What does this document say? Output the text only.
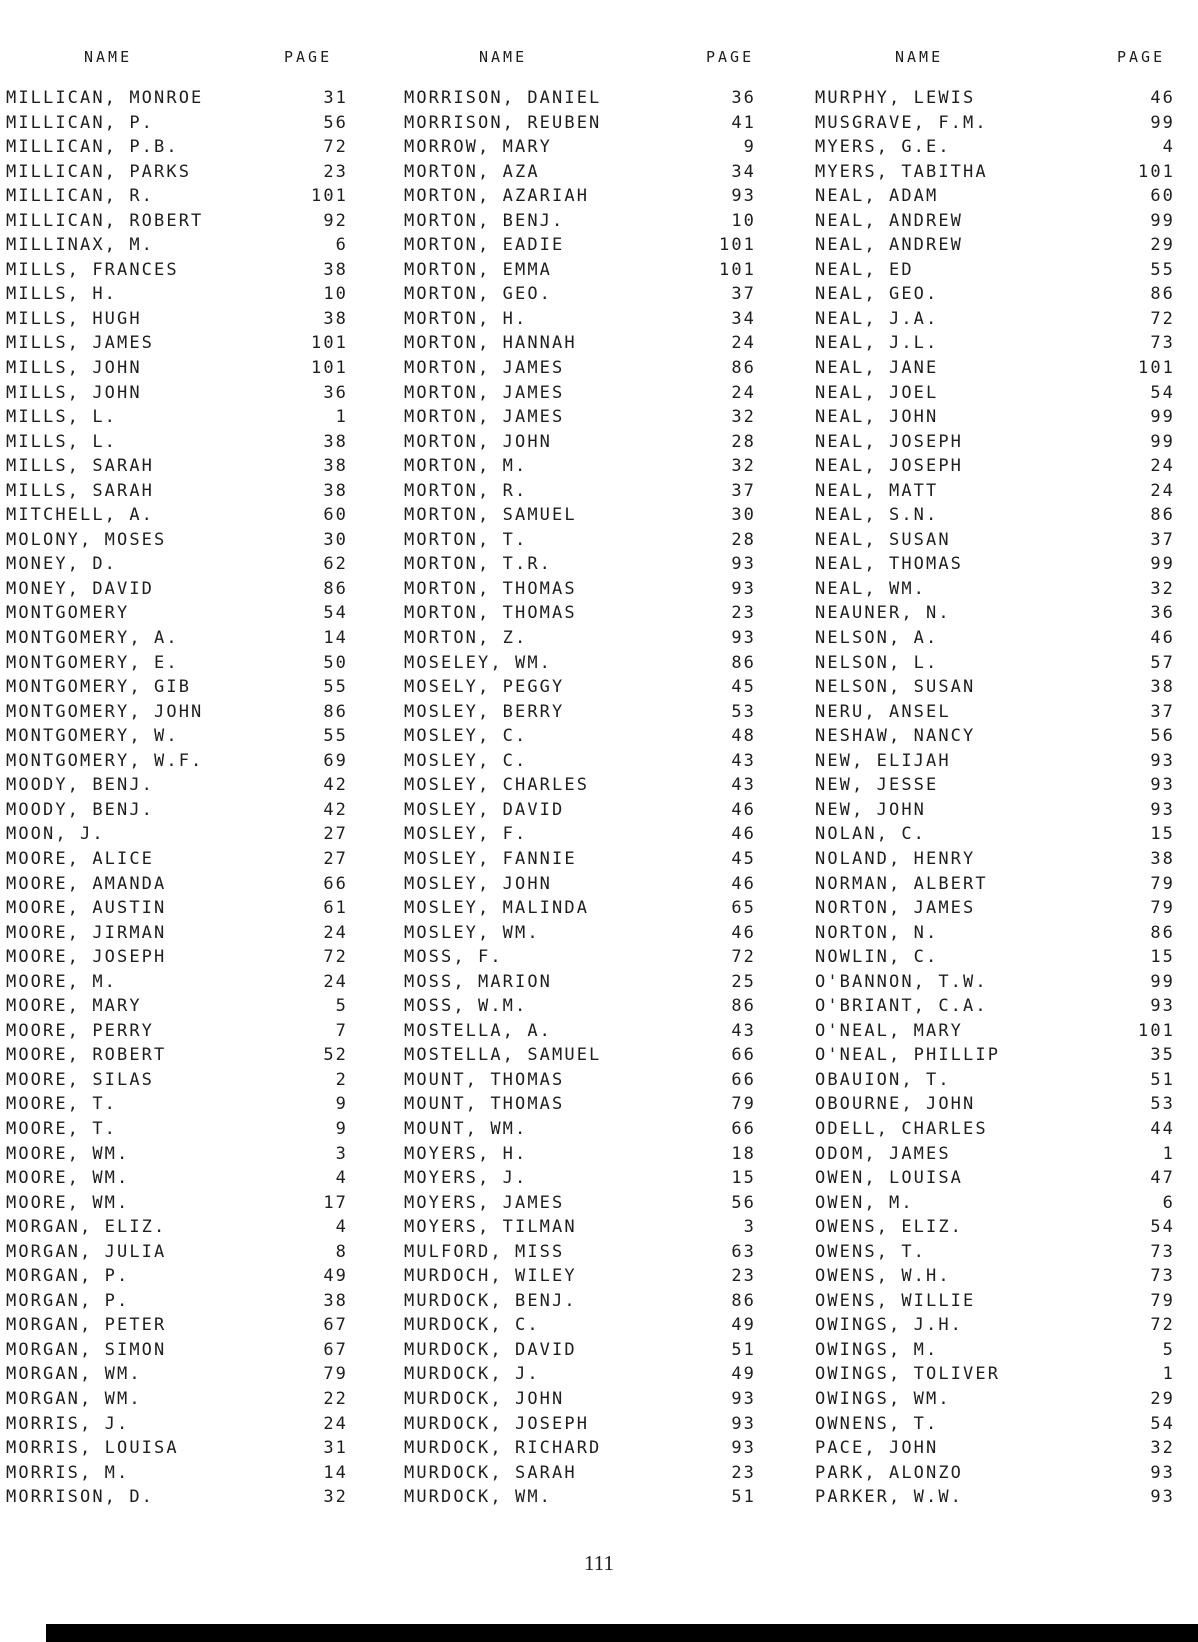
NAME	PAGE
MILLICAN, MONROE	31
MILLICAN, P.	56
MILLICAN, P.B.	72
MILLICAN, PARKS	23
MILLICAN, R.	101
MILLICAN, ROBERT	92
MILLINAX, M.	6
MILLS, FRANCES	38
MILLS, H.	10
MILLS, HUGH	38
MILLS, JAMES	101
MILLS, JOHN	101
MILLS, JOHN	36
MILLS, L.	1
MILLS, L.	38
MILLS, SARAH	38
MILLS, SARAH	38
MITCHELL, A.	60
MOLONY, MOSES	30
MONEY, D.	62
MONEY, DAVID	86
MONTGOMERY	54
MONTGOMERY, A.	14
MONTGOMERY, E.	50
MONTGOMERY, GIB	55
MONTGOMERY, JOHN	86
MONTGOMERY, W.	55
MONTGOMERY, W.F.	69
MOODY, BENJ.	42
MOODY, BENJ.	42
MOON, J.	27
MOORE, ALICE	27
MOORE, AMANDA	66
MOORE, AUSTIN	61
MOORE, JIRMAN	24
MOORE, JOSEPH	72
MOORE, M.	24
MOORE, MARY	5
MOORE, PERRY	7
MOORE, ROBERT	52
MOORE, SILAS	2
MOORE, T.	9
MOORE, T.	9
MOORE, WM.	3
MOORE, WM.	4
MOORE, WM.	17
MORGAN, ELIZ.	4
MORGAN, JULIA	8
MORGAN, P.	49
MORGAN, P.	38
MORGAN, PETER	67
MORGAN, SIMON	67
MORGAN, WM.	79
MORGAN, WM.	22
MORRIS, J.	24
MORRIS, LOUISA	31
MORRIS, M.	14
MORRISON, D.	32
NAME	PAGE
MORRISON, DANIEL	36
MORRISON, REUBEN	41
MORROW, MARY	9
MORTON, AZA	34
MORTON, AZARIAH	93
MORTON, BENJ.	10
MORTON, EADIE	101
MORTON, EMMA	101
MORTON, GEO.	37
MORTON, H.	34
MORTON, HANNAH	24
MORTON, JAMES	86
MORTON, JAMES	24
MORTON, JAMES	32
MORTON, JOHN	28
MORTON, M.	32
MORTON, R.	37
MORTON, SAMUEL	30
MORTON, T.	28
MORTON, T.R.	93
MORTON, THOMAS	93
MORTON, THOMAS	23
MORTON, Z.	93
MOSELEY, WM.	86
MOSELY, PEGGY	45
MOSLEY, BERRY	53
MOSLEY, C.	48
MOSLEY, C.	43
MOSLEY, CHARLES	43
MOSLEY, DAVID	46
MOSLEY, F.	46
MOSLEY, FANNIE	45
MOSLEY, JOHN	46
MOSLEY, MALINDA	65
MOSLEY, WM.	46
MOSS, F.	72
MOSS, MARION	25
MOSS, W.M.	86
MOSTELLA, A.	43
MOSTELLA, SAMUEL	66
MOUNT, THOMAS	66
MOUNT, THOMAS	79
MOUNT, WM.	66
MOYERS, H.	18
MOYERS, J.	15
MOYERS, JAMES	56
MOYERS, TILMAN	3
MULFORD, MISS	63
MURDOCH, WILEY	23
MURDOCK, BENJ.	86
MURDOCK, C.	49
MURDOCK, DAVID	51
MURDOCK, J.	49
MURDOCK, JOHN	93
MURDOCK, JOSEPH	93
MURDOCK, RICHARD	93
MURDOCK, SARAH	23
MURDOCK, WM.	51
NAME	PAGE
MURPHY, LEWIS	46
MUSGRAVE, F.M.	99
MYERS, G.E.	4
MYERS, TABITHA	101
NEAL, ADAM	60
NEAL, ANDREW	99
NEAL, ANDREW	29
NEAL, ED	55
NEAL, GEO.	86
NEAL, J.A.	72
NEAL, J.L.	73
NEAL, JANE	101
NEAL, JOEL	54
NEAL, JOHN	99
NEAL, JOSEPH	99
NEAL, JOSEPH	24
NEAL, MATT	24
NEAL, S.N.	86
NEAL, SUSAN	37
NEAL, THOMAS	99
NEAL, WM.	32
NEAUNER, N.	36
NELSON, A.	46
NELSON, L.	57
NELSON, SUSAN	38
NERU, ANSEL	37
NESHAW, NANCY	56
NEW, ELIJAH	93
NEW, JESSE	93
NEW, JOHN	93
NOLAN, C.	15
NOLAND, HENRY	38
NORMAN, ALBERT	79
NORTON, JAMES	79
NORTON, N.	86
NOWLIN, C.	15
O'BANNON, T.W.	99
O'BRIANT, C.A.	93
O'NEAL, MARY	101
O'NEAL, PHILLIP	35
OBAUION, T.	51
OBOURNE, JOHN	53
ODELL, CHARLES	44
ODOM, JAMES	1
OWEN, LOUISA	47
OWEN, M.	6
OWENS, ELIZ.	54
OWENS, T.	73
OWENS, W.H.	73
OWENS, WILLIE	79
OWINGS, J.H.	72
OWINGS, M.	5
OWINGS, TOLIVER	1
OWINGS, WM.	29
OWNENS, T.	54
PACE, JOHN	32
PARK, ALONZO	93
PARKER, W.W.	93
111
